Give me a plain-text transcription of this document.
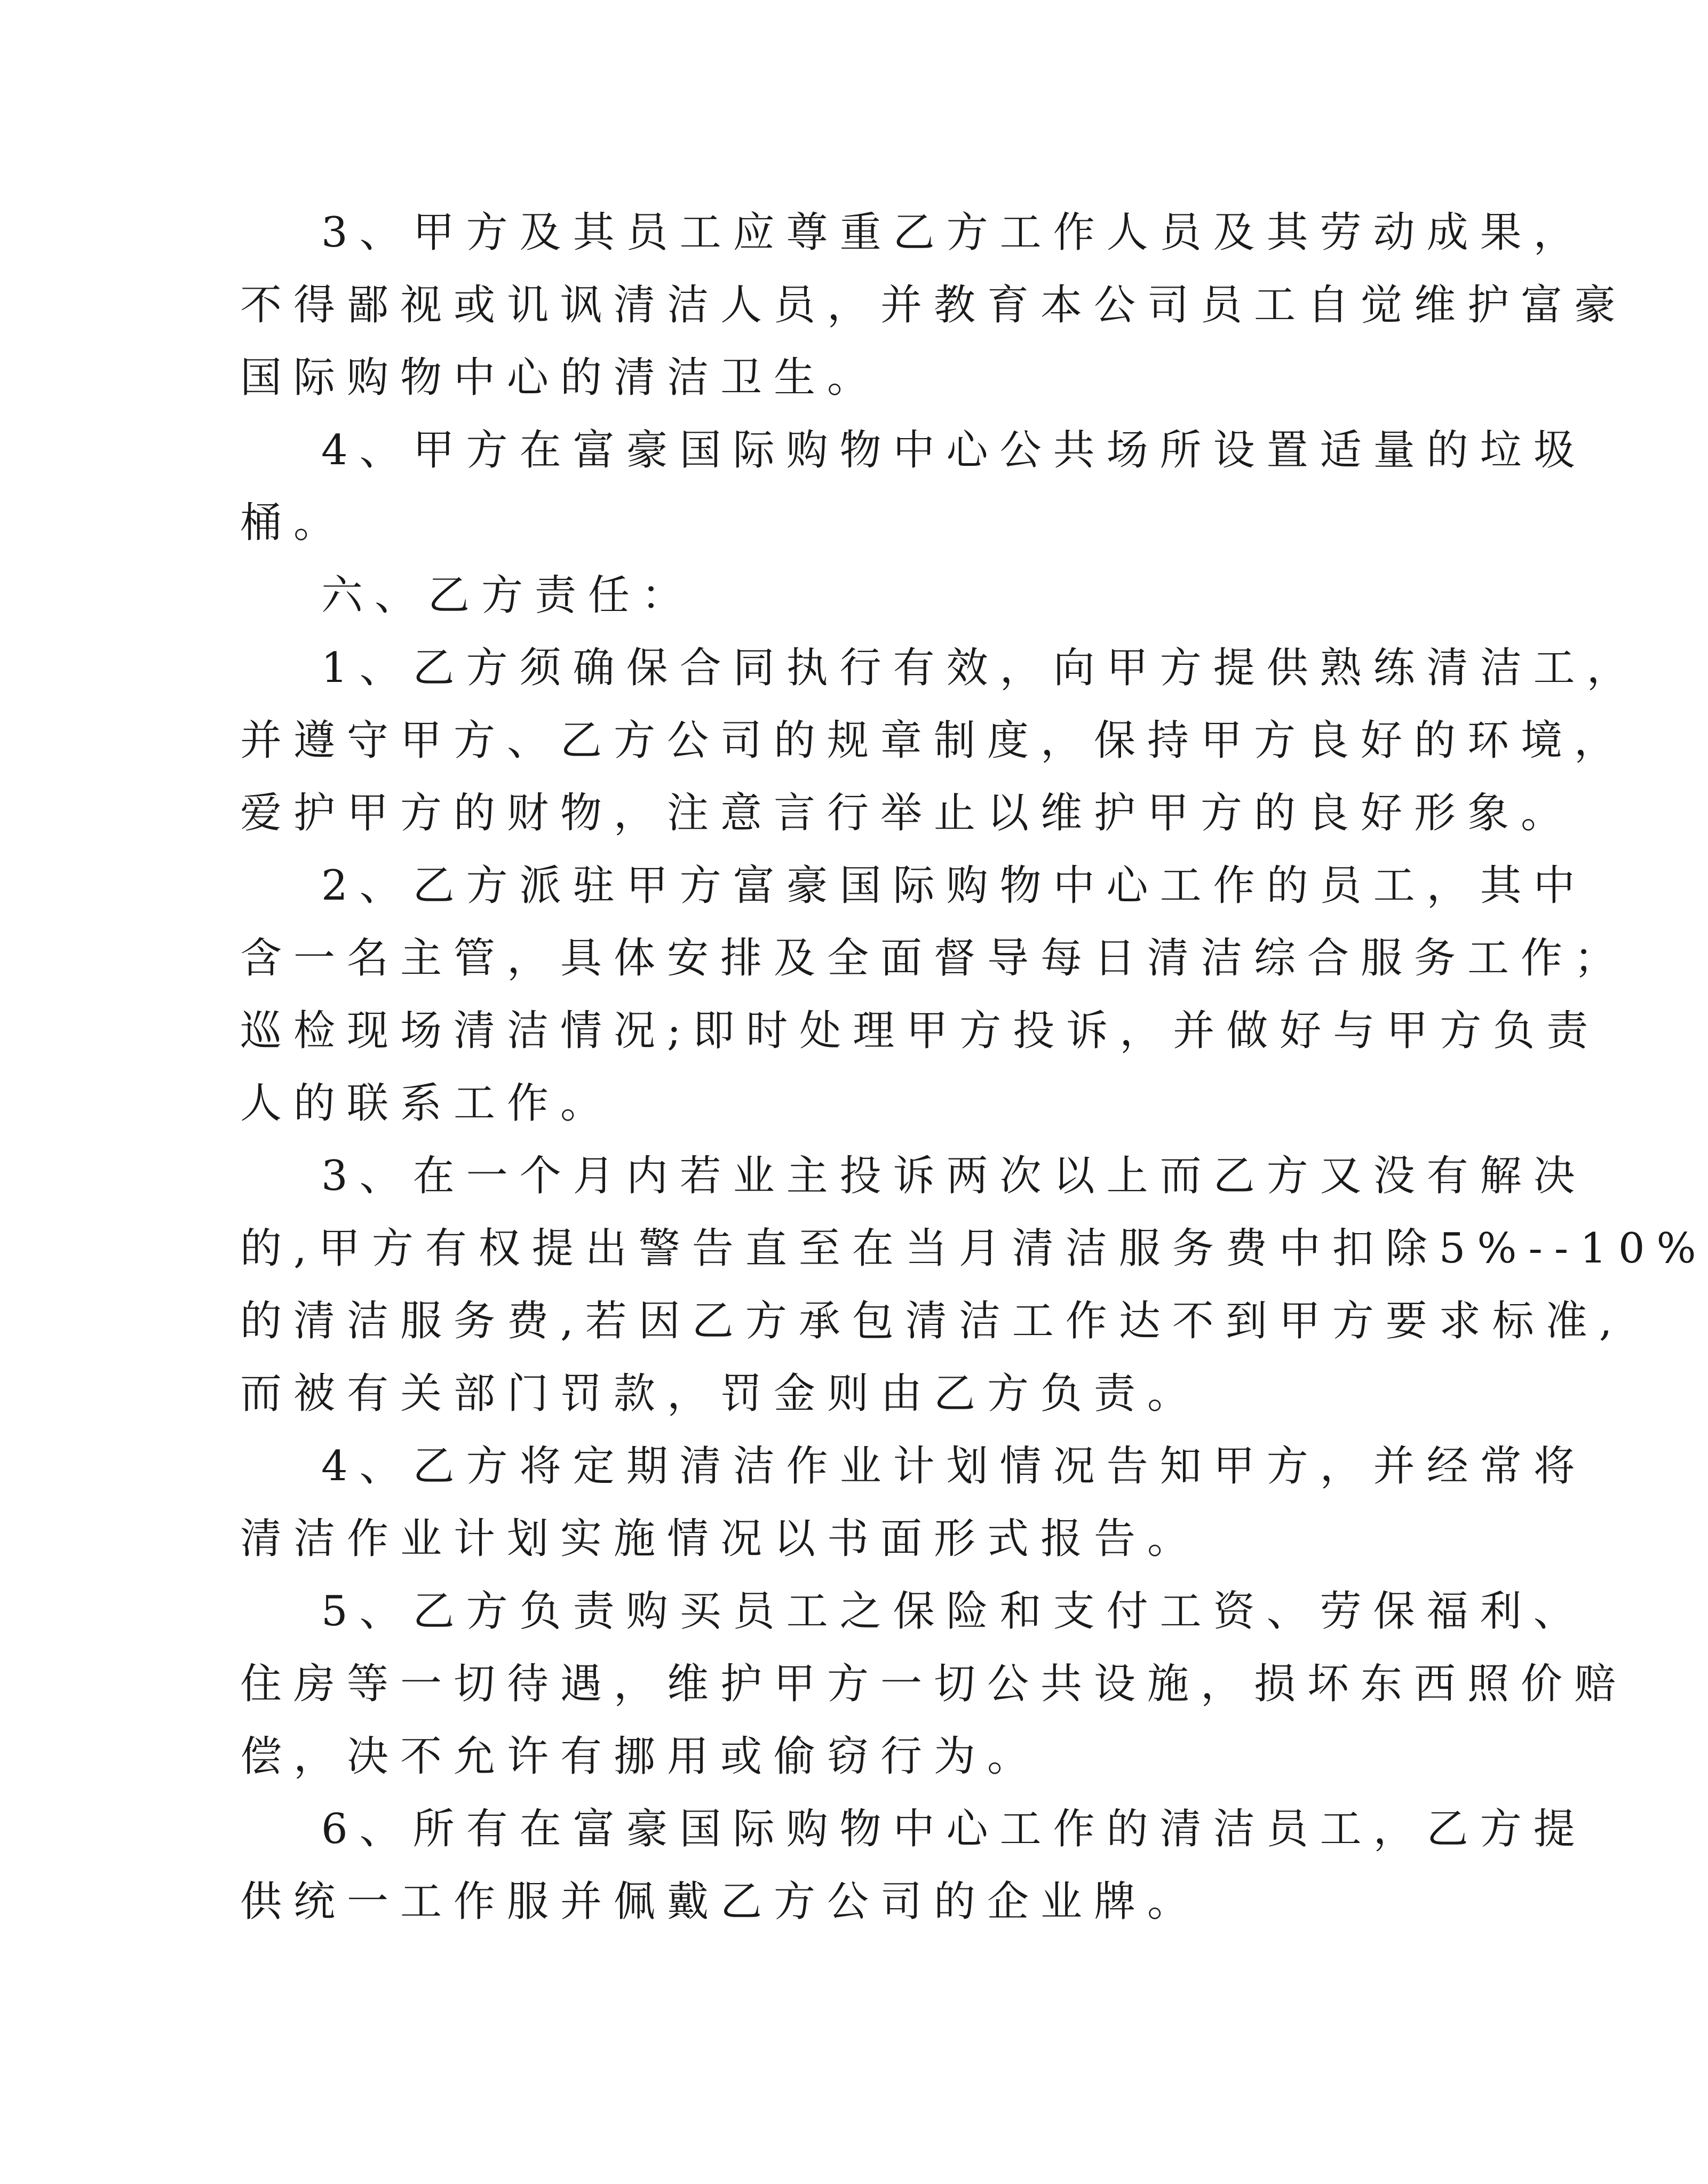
3、甲方及其员工应尊重乙方工作人员及其劳动成果，
不得鄙视或讥讽清洁人员，并教育本公司员工自觉维护富豪
国际购物中心的清洁卫生。
4、甲方在富豪国际购物中心公共场所设置适量的垃圾
桶。
六、乙方责任：
1、乙方须确保合同执行有效，向甲方提供熟练清洁工，
并遵守甲方、乙方公司的规章制度，保持甲方良好的环境，
爱护甲方的财物，注意言行举止以维护甲方的良好形象。
2、乙方派驻甲方富豪国际购物中心工作的员工，其中
含一名主管，具体安排及全面督导每日清洁综合服务工作；
巡检现场清洁情况;即时处理甲方投诉，并做好与甲方负责
人的联系工作。
3、在一个月内若业主投诉两次以上而乙方又没有解决
的,甲方有权提出警告直至在当月清洁服务费中扣除5%--10%
的清洁服务费,若因乙方承包清洁工作达不到甲方要求标准,
而被有关部门罚款，罚金则由乙方负责。
4、乙方将定期清洁作业计划情况告知甲方，并经常将
清洁作业计划实施情况以书面形式报告。
5、乙方负责购买员工之保险和支付工资、劳保福利、
住房等一切待遇，维护甲方一切公共设施，损坏东西照价赔
偿，决不允许有挪用或偷窃行为。
6、所有在富豪国际购物中心工作的清洁员工，乙方提
供统一工作服并佩戴乙方公司的企业牌。
